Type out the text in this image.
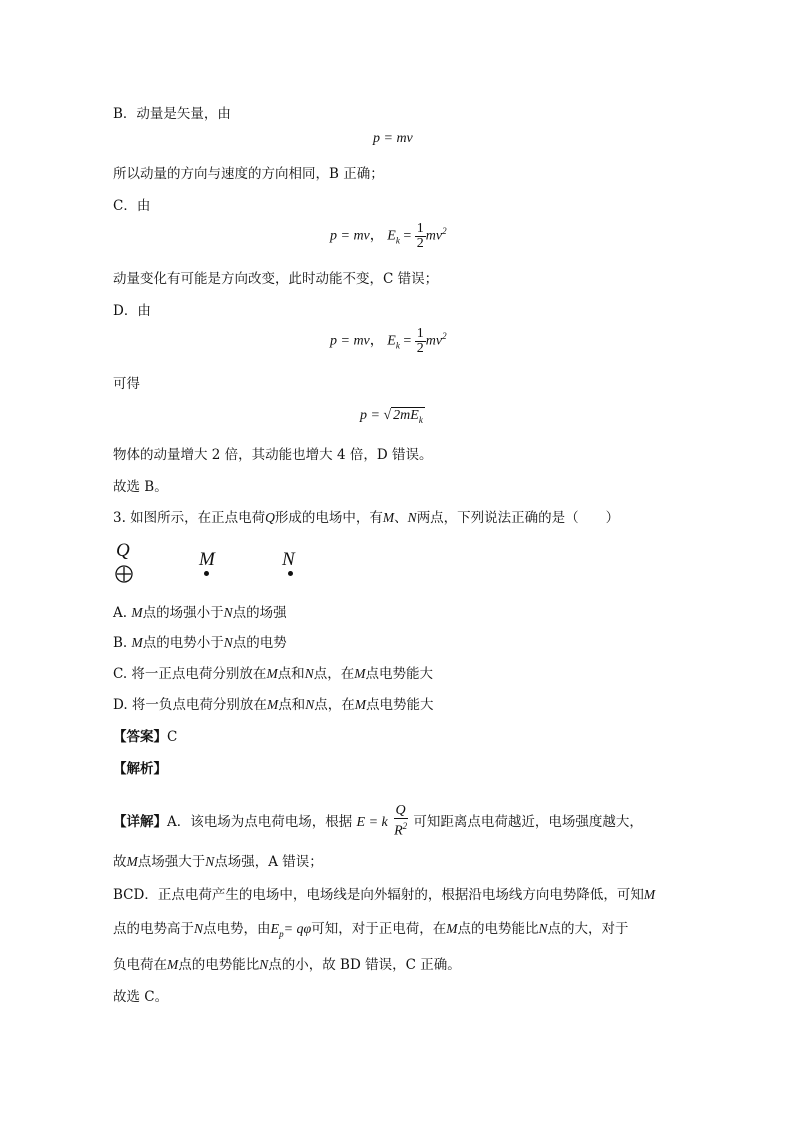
B．动量是矢量，由
p = mv
所以动量的方向与速度的方向相同，B 正确；
C．由
p = mv， $E_k = \frac{1}{2} mv^2$
动量变化有可能是方向改变，此时动能不变，C 错误；
D．由
p = mv， $E_k = \frac{1}{2} mv^2$
可得
p = √ $2mE_k$
物体的动量增大 2 倍，其动能也增大 4 倍，D 错误。
故选 B。
3. 如图所示，在正点电荷Q形成的电场中，有M、N两点，下列说法正确的是（　　）
Q	M	N
A. M点的场强小于N点的场强
B. M点的电势小于N点的电势
C. 将一正点电荷分别放在M点和N点，在M点电势能大
D. 将一负点电荷分别放在M点和N点，在M点电势能大
【答案】C
【解析】
【详解】A．该电场为点电荷电场，根据 E = k $\frac{Q}{R^2}$ 可知距离点电荷越近，电场强度越大，
故M点场强大于N点场强，A 错误；
BCD．正点电荷产生的电场中，电场线是向外辐射的，根据沿电场线方向电势降低，可知M
点的电势高于N点电势，由$E_p= q\varphi$可知，对于正电荷，在M点的电势能比N点的大，对于
负电荷在M点的电势能比N点的小，故 BD 错误，C 正确。
故选 C。
